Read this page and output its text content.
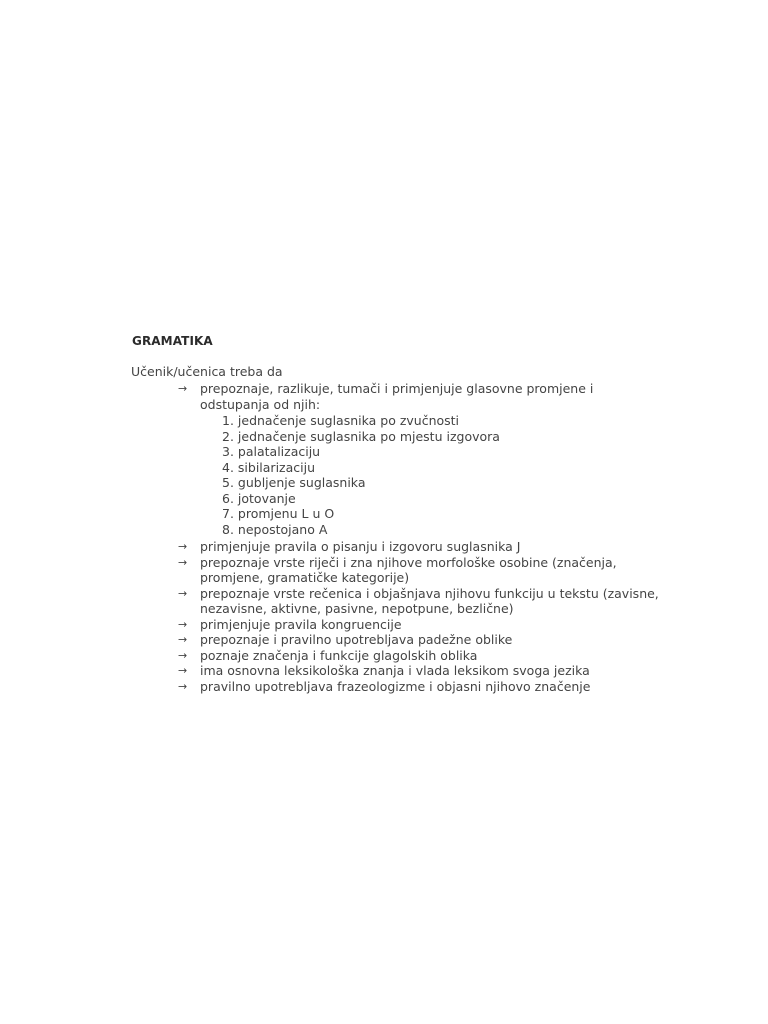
GRAMATIKA
Učenik/učenica treba da
→ prepoznaje, razlikuje, tumači i primjenjuje glasovne promjene i
odstupanja od njih:
1. jednačenje suglasnika po zvučnosti
2. jednačenje suglasnika po mjestu izgovora
3. palatalizaciju
4. sibilarizaciju
5. gubljenje suglasnika
6. jotovanje
7. promjenu L u O
8. nepostojano A
→ primjenjuje pravila o pisanju i izgovoru suglasnika J
→ prepoznaje vrste riječi i zna njihove morfološke osobine (značenja,
promjene, gramatičke kategorije)
→ prepoznaje vrste rečenica i objašnjava njihovu funkciju u tekstu (zavisne,
nezavisne, aktivne, pasivne, nepotpune, bezlične)
→ primjenjuje pravila kongruencije
→ prepoznaje i pravilno upotrebljava padežne oblike
→ poznaje značenja i funkcije glagolskih oblika
→ ima osnovna leksikološka znanja i vlada leksikom svoga jezika
→ pravilno upotrebljava frazeologizme i objasni njihovo značenje
